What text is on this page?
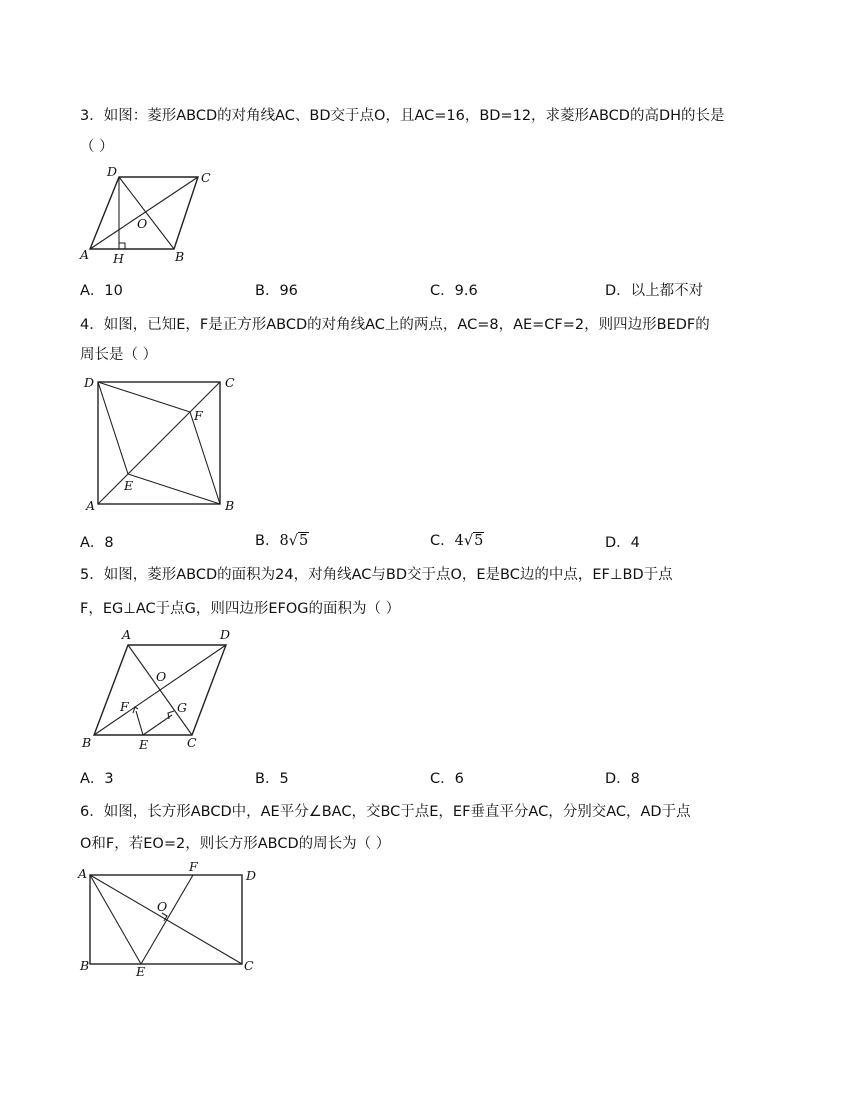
3．如图：菱形ABCD的对角线AC、BD交于点O，且AC=16，BD=12，求菱形ABCD的高DH的长是
（ ）
A	B
C
D
O
H
A．10	B．96	C．9.6	D．以上都不对
4．如图，已知E，F是正方形ABCD的对角线AC上的两点，AC=8，AE=CF=2，则四边形BEDF的
周长是（ ）
A	B
C
D
E
F
A．8	B．8√5	C．4√5	D．4
5．如图，菱形ABCD的面积为24，对角线AC与BD交于点O，E是BC边的中点，EF⊥BD于点
F，EG⊥AC于点G，则四边形EFOG的面积为（ ）
B	E	C
A	D
O
F	G
A．3	B．5	C．6	D．8
6．如图，长方形ABCD中，AE平分∠BAC，交BC于点E，EF垂直平分AC，分别交AC，AD于点
O和F，若EO=2，则长方形ABCD的周长为（ ）
A
B	C
D
E
F
O
